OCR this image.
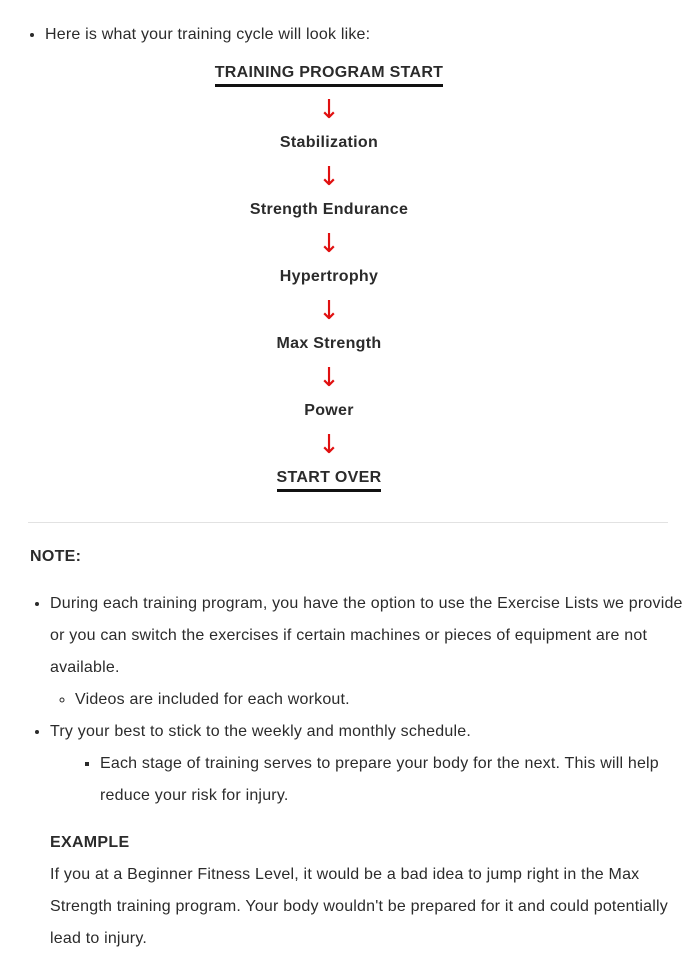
• Here is what your training cycle will look like:
TRAINING PROGRAM START
↓
Stabilization
↓
Strength Endurance
↓
Hypertrophy
↓
Max Strength
↓
Power
↓
START OVER

NOTE:

• During each training program, you have the option to use the Exercise Lists we provide or you can switch the exercises if certain machines or pieces of equipment are not available.
◦ Videos are included for each workout.
• Try your best to stick to the weekly and monthly schedule.
▪ Each stage of training serves to prepare your body for the next. This will help reduce your risk for injury.

EXAMPLE

If you at a Beginner Fitness Level, it would be a bad idea to jump right in the Max Strength training program. Your body wouldn't be prepared for it and could potentially lead to injury.
